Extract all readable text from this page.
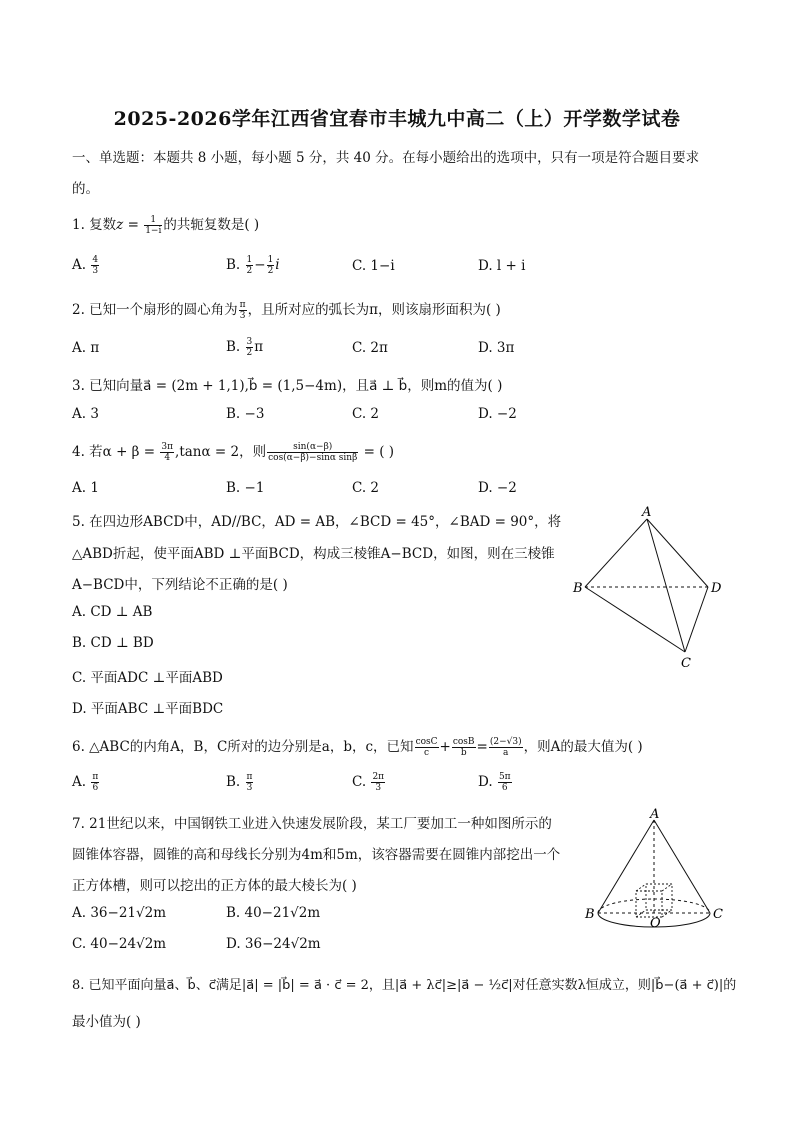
2025-2026学年江西省宜春市丰城九中高二（上）开学数学试卷
一、单选题：本题共 8 小题，每小题 5 分，共 40 分。在每小题给出的选项中，只有一项是符合题目要求
的。
1. 复数$z = \frac{1}{1-i}$ 的共轭复数是( )
A. $\frac{4}{3}$	B. $\frac{1}{2} - \frac{1}{2}$ i	C. 1−i	D. l + i
2. 已知一个扇形的圆心角为 $\frac{\pi}{3}$ ，且所对应的弧长为π，则该扇形面积为( )
A. π	B. $\frac{3}{2}$ π	C. 2π	D. 3π
3. 已知向量a⃗ = (2m + 1,1),b⃗ = (1,5−4m)，且a⃗ ⊥ b⃗，则m的值为( )
A. 3	B. −3	C. 2	D. −2
4. 若$\alpha + \beta = \frac{3\pi}{4} ,\tan\alpha = 2$，则 $\frac{\sin(\alpha-\beta)}{\text{cos(α−β)−sinα sinβ}}$ = ( )
A. 1	B. −1	C. 2	D. −2
5. 在四边形ABCD中，AD//BC，AD = AB，∠BCD = 45°，∠BAD = 90°，将
△ABD折起，使平面ABD ⊥平面BCD，构成三棱锥A−BCD，如图，则在三棱锥
A−BCD中，下列结论不正确的是( )
A. CD ⊥ AB
B. CD ⊥ BD
C. 平面ADC ⊥平面ABD
D. 平面ABC ⊥平面BDC
A
B	D
C
6. △ABC的内角A，B，C所对的边分别是a，b，c，已知 $\frac{\cos C}{c} + \frac{\cos B}{b} = \frac{(2-√3)}{a}$ ，则A的最大值为( )
A. $\frac{\pi}{6}$	B. $\frac{\pi}{3}$	C. $\frac{2\pi}{3}$	D. $\frac{5\pi}{6}$
7. 21世纪以来，中国钢铁工业进入快速发展阶段，某工厂要加工一种如图所示的
圆锥体容器，圆锥的高和母线长分别为4m和5m，该容器需要在圆锥内部挖出一个
正方体槽，则可以挖出的正方体的最大棱长为( )
A. 36−21√2m	B. 40−21√2m
C. 40−24√2m	D. 36−24√2m
A
B	C
O
8. 已知平面向量a⃗、b⃗、c⃗满足|a⃗| = |b⃗| = a⃗ · c⃗ = 2，且|a⃗ + λc⃗|≥|a⃗ − ½c⃗|对任意实数λ恒成立，则|b⃗−(a⃗ + c⃗)|的
最小值为( )
